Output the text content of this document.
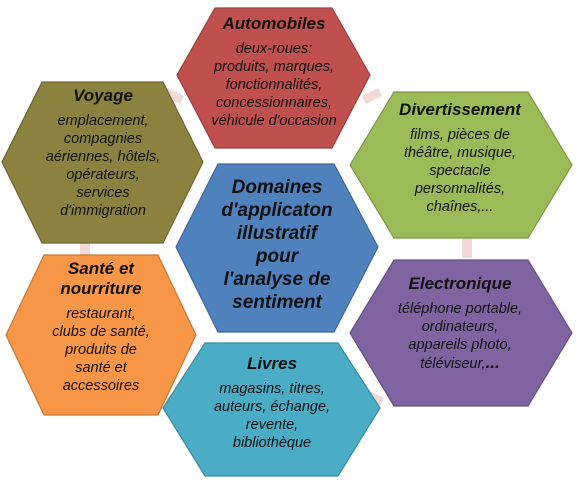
Automobiles
deux-roues:
produits, marques,
fonctionnalités,
concessionnaires,
véhicule d'occasion
Divertissement
films, pièces de
théâtre, musique,
spectacle
personnalités,
chaînes,...
Electronique
téléphone portable,
ordinateurs,
appareils photo,
téléviseur,...
Livres
magasins, titres,
auteurs, échange,
revente,
bibliothèque
Santé et
nourriture
restaurant,
clubs de santé,
produits de
santé et
accessoires
Voyage
emplacement,
compagnies
aériennes, hôtels,
opérateurs,
services
d'immigration
Domaines
d'applicaton
illustratif
pour
l'analyse de
sentiment
